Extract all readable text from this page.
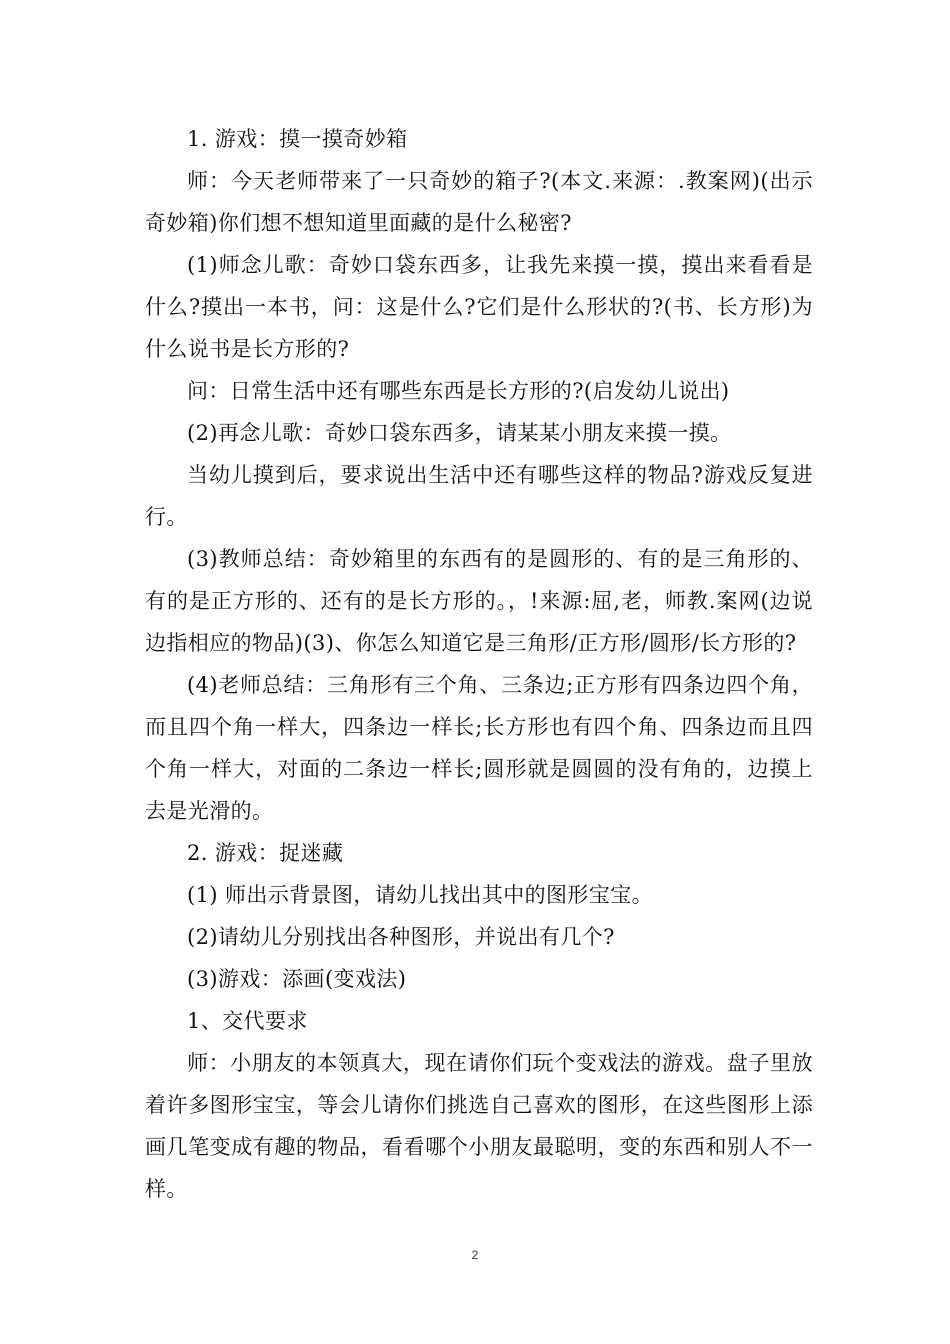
1. 游戏：摸一摸奇妙箱

师：今天老师带来了一只奇妙的箱子?(本文.来源：.教案网)(出示奇妙箱)你们想不想知道里面藏的是什么秘密?

(1)师念儿歌：奇妙口袋东西多，让我先来摸一摸，摸出来看看是什么?摸出一本书，问：这是什么?它们是什么形状的?(书、长方形)为什么说书是长方形的?

问：日常生活中还有哪些东西是长方形的?(启发幼儿说出)

(2)再念儿歌：奇妙口袋东西多，请某某小朋友来摸一摸。

当幼儿摸到后，要求说出生活中还有哪些这样的物品?游戏反复进行。

(3)教师总结：奇妙箱里的东西有的是圆形的、有的是三角形的、有的是正方形的、还有的是长方形的。，!来源:屈,老，师教.案网(边说边指相应的物品)(3)、你怎么知道它是三角形/正方形/圆形/长方形的?

(4)老师总结：三角形有三个角、三条边;正方形有四条边四个角，而且四个角一样大，四条边一样长;长方形也有四个角、四条边而且四个角一样大，对面的二条边一样长;圆形就是圆圆的没有角的，边摸上去是光滑的。

2. 游戏：捉迷藏

(1) 师出示背景图，请幼儿找出其中的图形宝宝。

(2)请幼儿分别找出各种图形，并说出有几个?

(3)游戏：添画(变戏法)

1、交代要求

师：小朋友的本领真大，现在请你们玩个变戏法的游戏。盘子里放着许多图形宝宝，等会儿请你们挑选自己喜欢的图形，在这些图形上添画几笔变成有趣的物品，看看哪个小朋友最聪明，变的东西和别人不一样。

2
